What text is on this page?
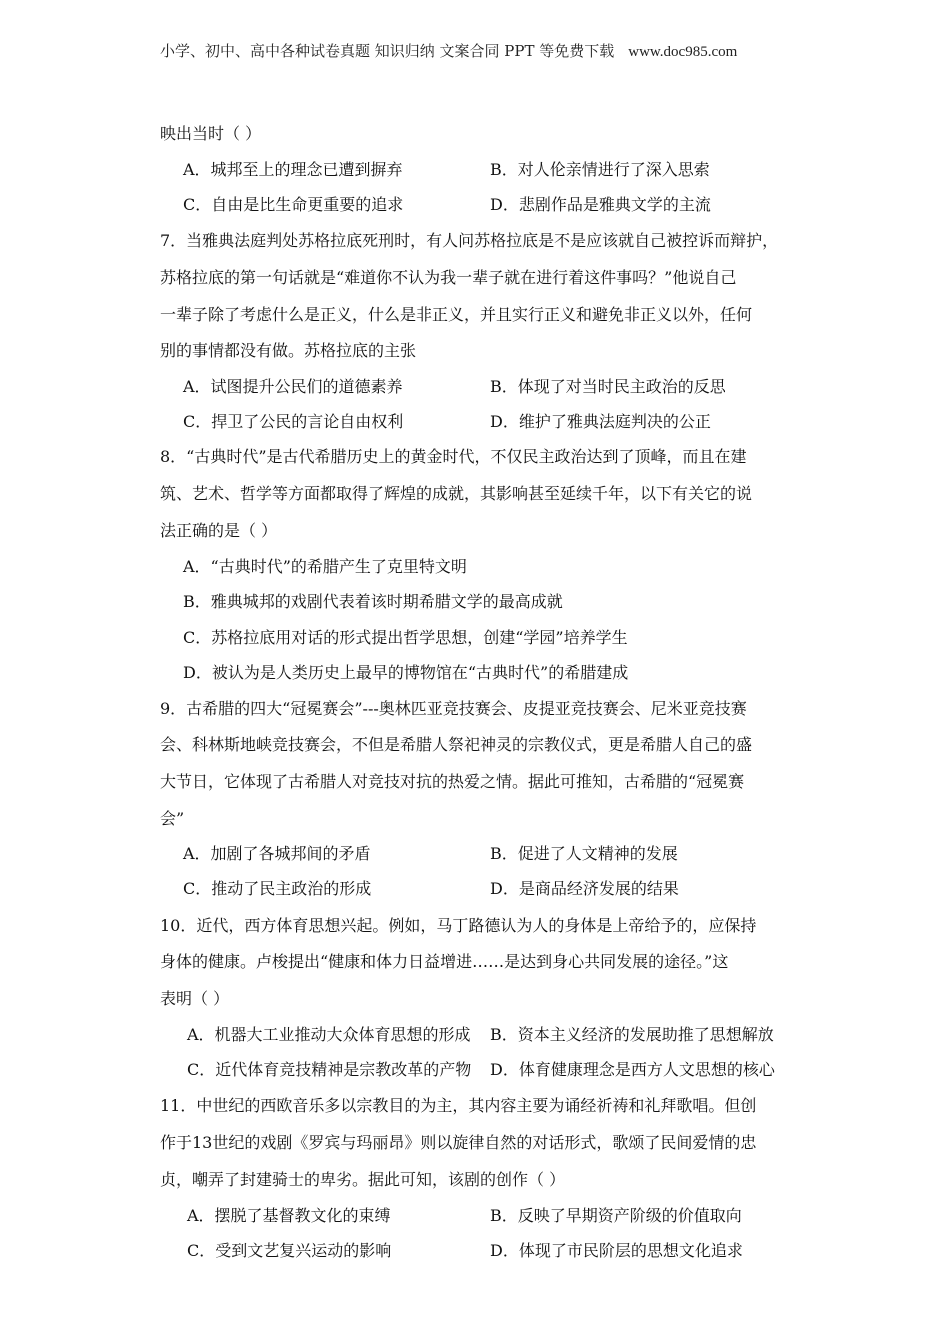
小学、初中、高中各种试卷真题 知识归纳 文案合同 PPT 等免费下载 www.doc985.com
映出当时（ ）
A．城邦至上的理念已遭到摒弃	B．对人伦亲情进行了深入思索
C．自由是比生命更重要的追求	D．悲剧作品是雅典文学的主流
7．当雅典法庭判处苏格拉底死刑时，有人问苏格拉底是不是应该就自己被控诉而辩护，
苏格拉底的第一句话就是“难道你不认为我一辈子就在进行着这件事吗？”他说自己
一辈子除了考虑什么是正义，什么是非正义，并且实行正义和避免非正义以外，任何
别的事情都没有做。苏格拉底的主张
A．试图提升公民们的道德素养	B．体现了对当时民主政治的反思
C．捍卫了公民的言论自由权利	D．维护了雅典法庭判决的公正
8．“古典时代”是古代希腊历史上的黄金时代，不仅民主政治达到了顶峰，而且在建
筑、艺术、哲学等方面都取得了辉煌的成就，其影响甚至延续千年，以下有关它的说
法正确的是（ ）
A．“古典时代”的希腊产生了克里特文明
B．雅典城邦的戏剧代表着该时期希腊文学的最高成就
C．苏格拉底用对话的形式提出哲学思想，创建“学园”培养学生
D．被认为是人类历史上最早的博物馆在“古典时代”的希腊建成
9．古希腊的四大“冠冕赛会”---奥林匹亚竞技赛会、皮提亚竞技赛会、尼米亚竞技赛
会、科林斯地峡竞技赛会，不但是希腊人祭祀神灵的宗教仪式，更是希腊人自己的盛
大节日，它体现了古希腊人对竞技对抗的热爱之情。据此可推知，古希腊的“冠冕赛
会”
A．加剧了各城邦间的矛盾	B．促进了人文精神的发展
C．推动了民主政治的形成	D．是商品经济发展的结果
10．近代，西方体育思想兴起。例如，马丁路德认为人的身体是上帝给予的，应保持
身体的健康。卢梭提出“健康和体力日益增进……是达到身心共同发展的途径。”这
表明（ ）
A．机器大工业推动大众体育思想的形成 B．资本主义经济的发展助推了思想解放
C．近代体育竞技精神是宗教改革的产物 D．体育健康理念是西方人文思想的核心
11．中世纪的西欧音乐多以宗教目的为主，其内容主要为诵经祈祷和礼拜歌唱。但创
作于13世纪的戏剧《罗宾与玛丽昂》则以旋律自然的对话形式，歌颂了民间爱情的忠
贞，嘲弄了封建骑士的卑劣。据此可知，该剧的创作（ ）
A．摆脱了基督教文化的束缚	B．反映了早期资产阶级的价值取向
C．受到文艺复兴运动的影响	D．体现了市民阶层的思想文化追求
